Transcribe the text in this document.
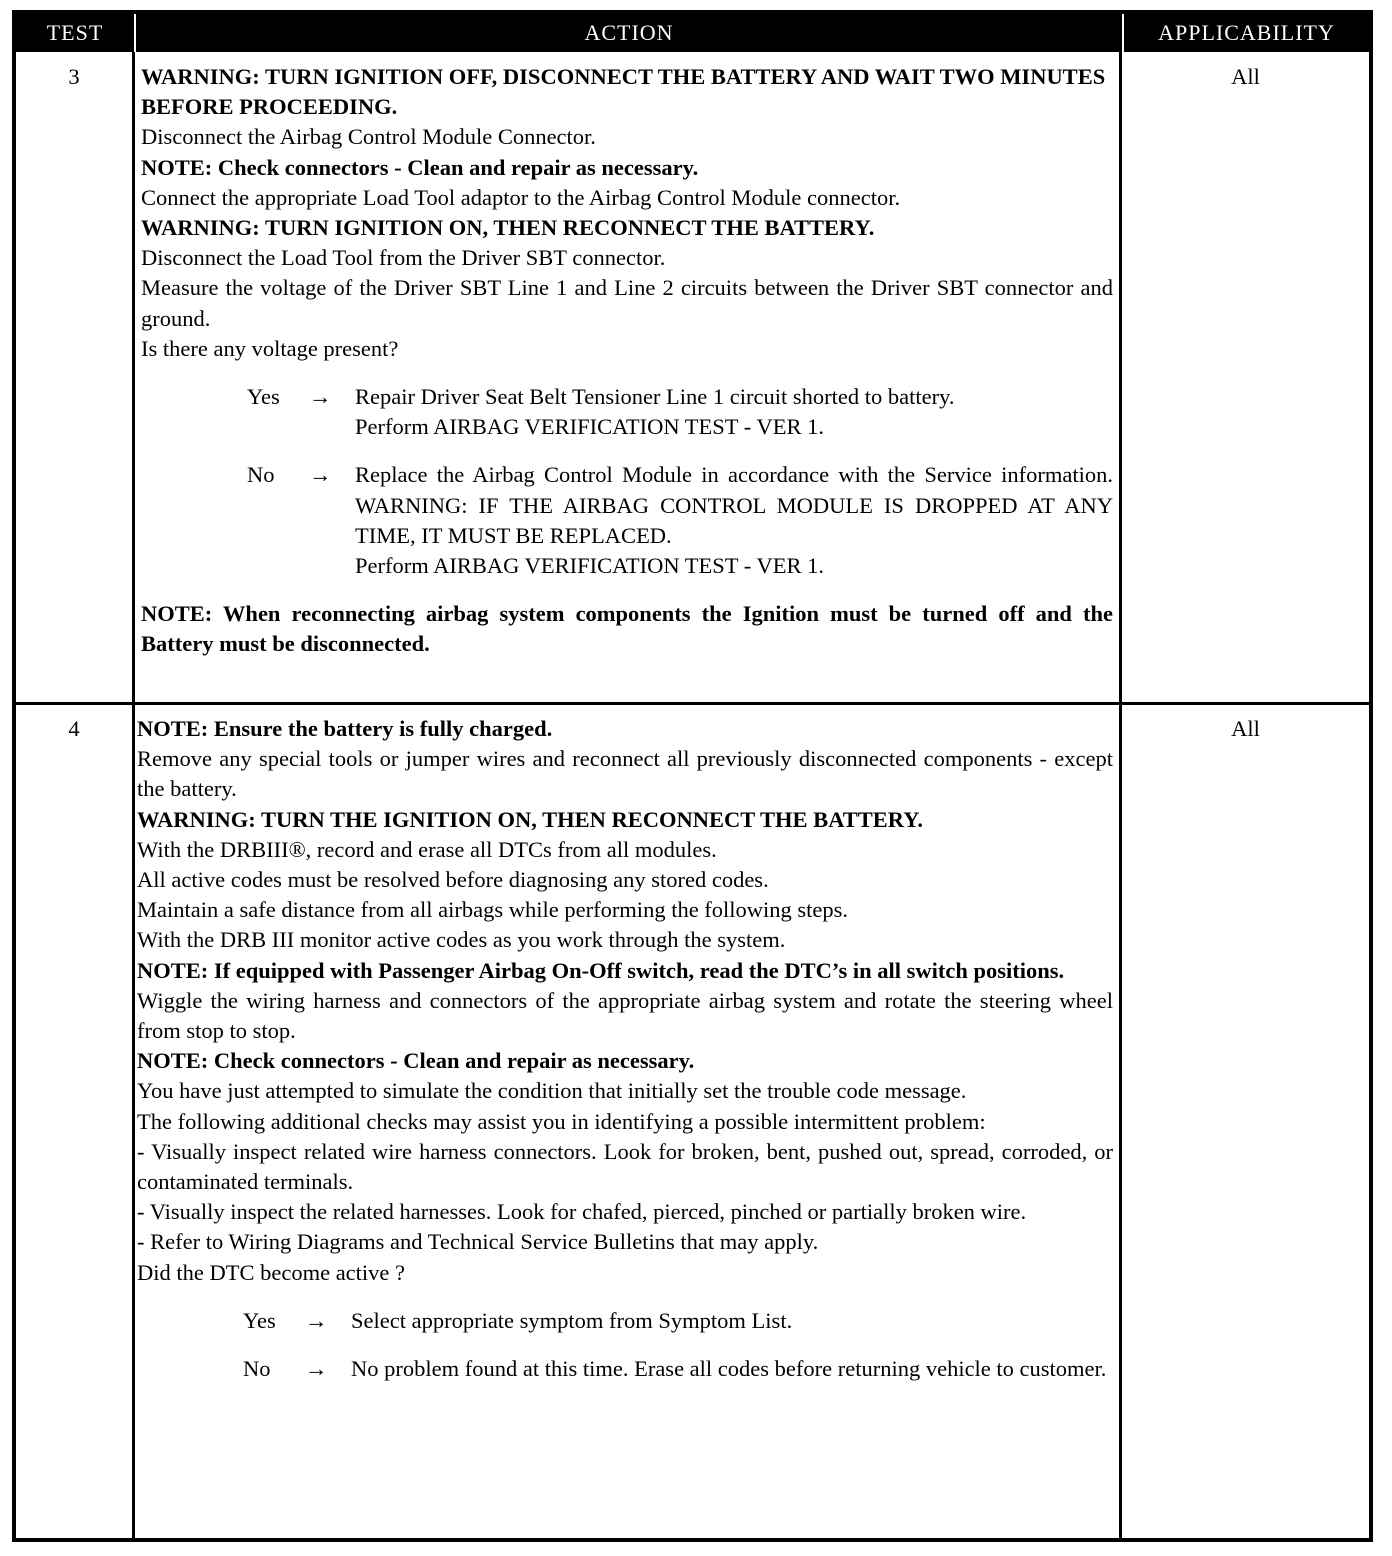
TEST	ACTION	APPLICABILITY
3	WARNING: TURN IGNITION OFF, DISCONNECT THE BATTERY AND WAIT TWO MINUTES BEFORE PROCEEDING.

Disconnect the Airbag Control Module Connector.

NOTE: Check connectors - Clean and repair as necessary.

Connect the appropriate Load Tool adaptor to the Airbag Control Module connector.

WARNING: TURN IGNITION ON, THEN RECONNECT THE BATTERY.

Disconnect the Load Tool from the Driver SBT connector.

Measure the voltage of the Driver SBT Line 1 and Line 2 circuits between the Driver SBT connector and ground.

Is there any voltage present?

Yes	→	Repair Driver Seat Belt Tensioner Line 1 circuit shorted to battery.
Perform AIRBAG VERIFICATION TEST - VER 1.
No	→	Replace the Airbag Control Module in accordance with the Service information. WARNING: IF THE AIRBAG CONTROL MODULE IS DROPPED AT ANY TIME, IT MUST BE REPLACED.
Perform AIRBAG VERIFICATION TEST - VER 1.

NOTE: When reconnecting airbag system components the Ignition must be turned off and the Battery must be disconnected.

All
4	NOTE: Ensure the battery is fully charged.

Remove any special tools or jumper wires and reconnect all previously disconnected components - except the battery.

WARNING: TURN THE IGNITION ON, THEN RECONNECT THE BATTERY.

With the DRBIII®, record and erase all DTCs from all modules.

All active codes must be resolved before diagnosing any stored codes.

Maintain a safe distance from all airbags while performing the following steps.

With the DRB III monitor active codes as you work through the system.

NOTE: If equipped with Passenger Airbag On-Off switch, read the DTC’s in all switch positions.

Wiggle the wiring harness and connectors of the appropriate airbag system and rotate the steering wheel from stop to stop.

NOTE: Check connectors - Clean and repair as necessary.

You have just attempted to simulate the condition that initially set the trouble code message.

The following additional checks may assist you in identifying a possible intermittent problem:

- Visually inspect related wire harness connectors. Look for broken, bent, pushed out, spread, corroded, or contaminated terminals.

- Visually inspect the related harnesses. Look for chafed, pierced, pinched or partially broken wire.

- Refer to Wiring Diagrams and Technical Service Bulletins that may apply.

Did the DTC become active ?

Yes	→	Select appropriate symptom from Symptom List.
No	→	No problem found at this time. Erase all codes before returning vehicle to customer.
All
